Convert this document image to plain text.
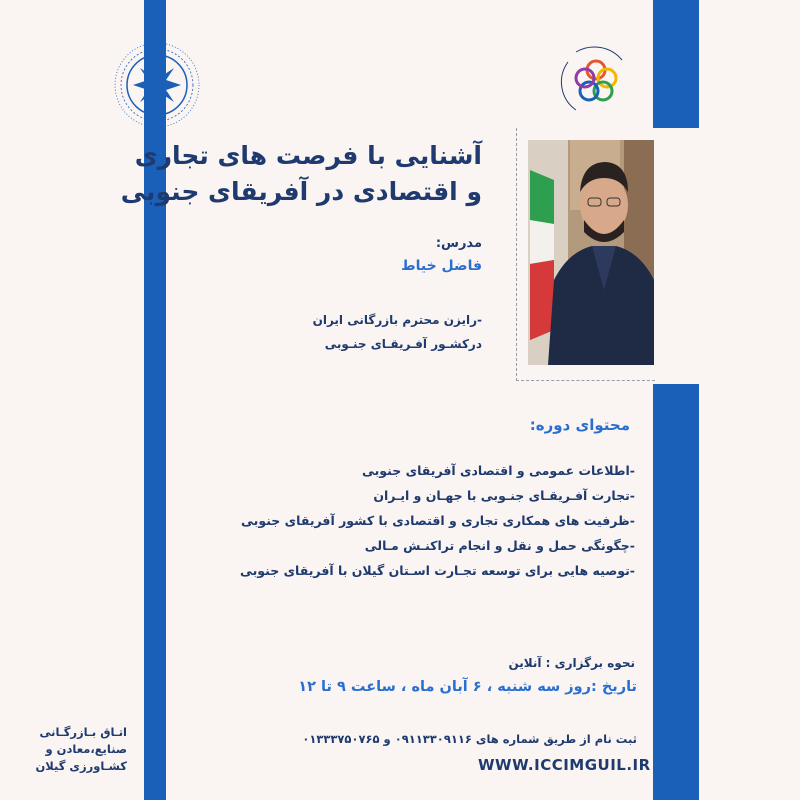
آشنایی با فرصت های تجاری
و اقتصادی در آفریقای جنوبی
مدرس:
فاضل خیاط
-رایزن محترم بازرگانی ایران
درکشـور آفـریقـای جنـوبی
محتوای دوره:
-اطلاعات عمومی و اقتصادی آفریقای جنوبی
-تجارت آفـریقـای جنـوبی با جهـان و ایـران
-ظرفیت های همکاری تجاری و اقتصادی با کشور آفریقای جنوبی
-چگونگی حمل و نقل و انجام تراکنـش مـالی
-توصیه هایی برای توسعه تجـارت اسـتان گیلان با آفریقای جنوبی
نحوه برگزاری : آنلاین
تاریخ :روز سه شنبه ، ۶ آبان ماه ، ساعت ۹ تا ۱۲
ثبت نام از طریق شماره های ۰۹۱۱۳۳۰۹۱۱۶ و ۰۱۳۳۳۷۵۰۷۶۵
WWW.ICCIMGUIL.IR
اتـاق بـازرگـانی
صنایع،معادن و
کشـاورزی گیلان
